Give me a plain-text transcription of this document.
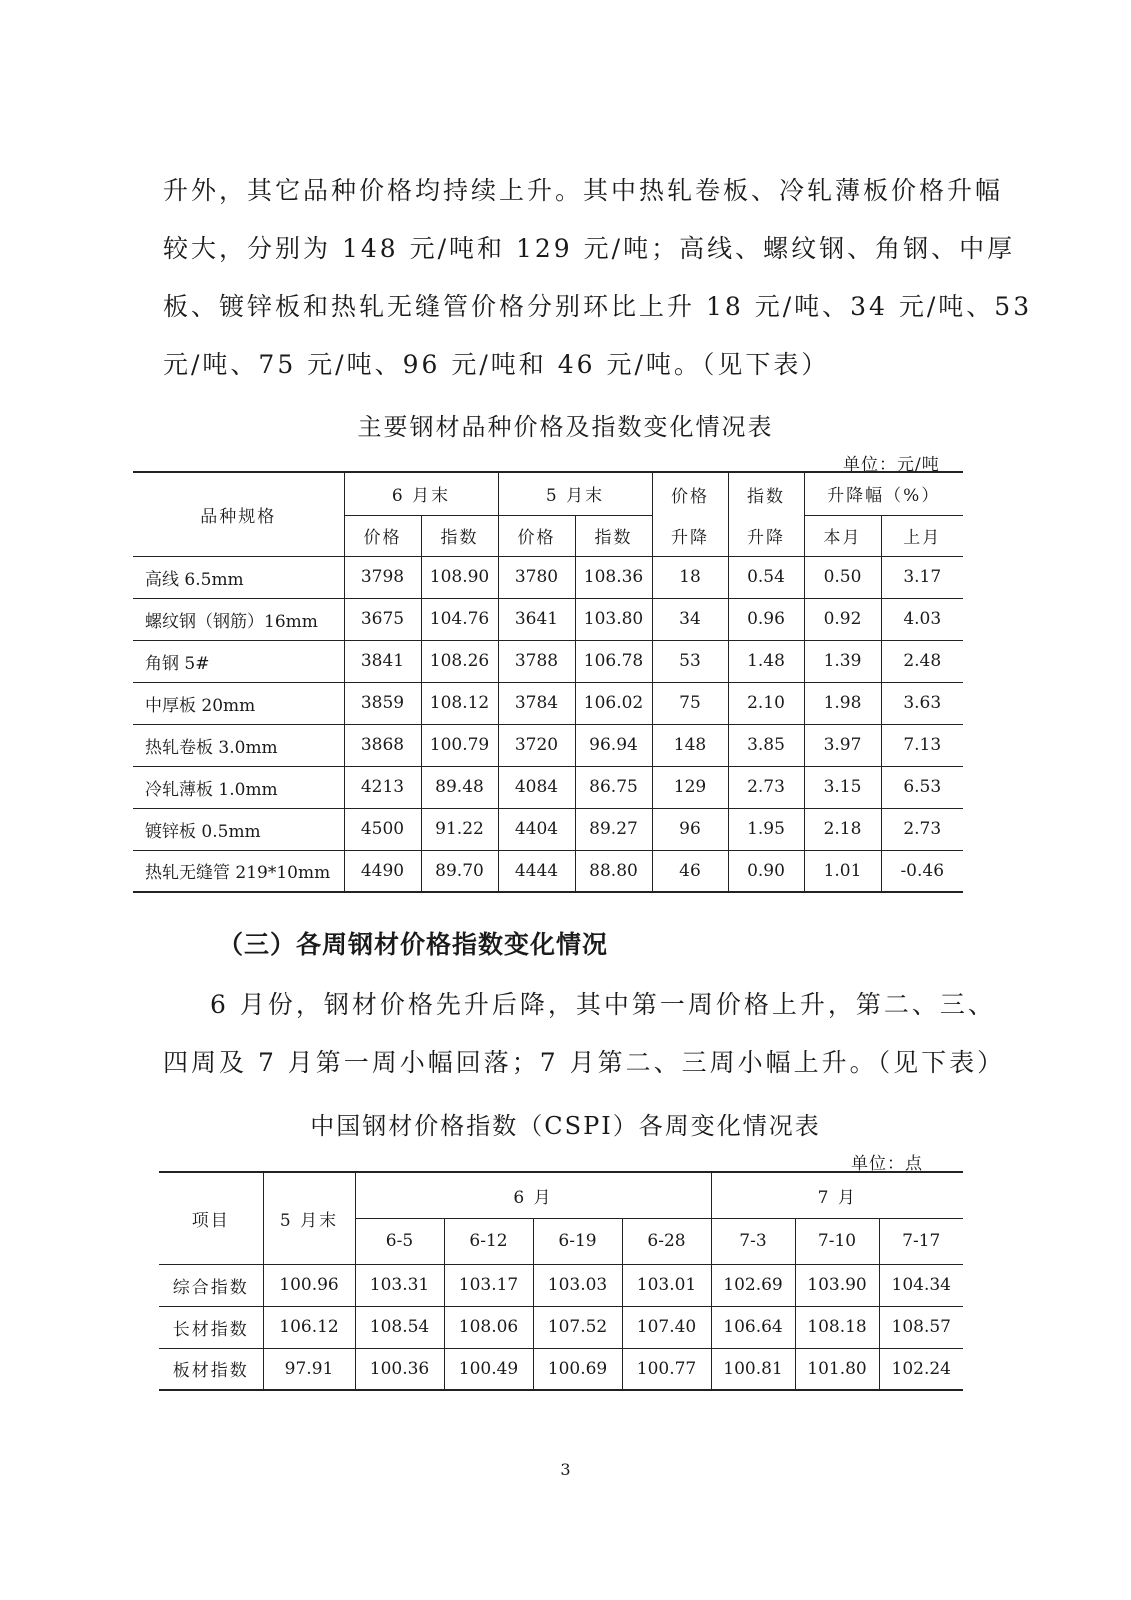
升外，其它品种价格均持续上升。其中热轧卷板、冷轧薄板价格升幅
较大，分别为 148 元/吨和 129 元/吨；高线、螺纹钢、角钢、中厚
板、镀锌板和热轧无缝管价格分别环比上升 18 元/吨、34 元/吨、53
元/吨、75 元/吨、96 元/吨和 46 元/吨。（见下表）

主要钢材品种价格及指数变化情况表

单位：元/吨

品种规格	6 月末		5 月末		价格	指数	升降幅（%）	
	价格	指数	价格	指数	升降	升降	本月	上月
高线 6.5mm	3798	108.90	3780	108.36	18	0.54	0.50	3.17
螺纹钢（钢筋）16mm	3675	104.76	3641	103.80	34	0.96	0.92	4.03
角钢 5#	3841	108.26	3788	106.78	53	1.48	1.39	2.48
中厚板 20mm	3859	108.12	3784	106.02	75	2.10	1.98	3.63
热轧卷板 3.0mm	3868	100.79	3720	96.94	148	3.85	3.97	7.13
冷轧薄板 1.0mm	4213	89.48	4084	86.75	129	2.73	3.15	6.53
镀锌板 0.5mm	4500	91.22	4404	89.27	96	1.95	2.18	2.73
热轧无缝管 219*10mm	4490	89.70	4444	88.80	46	0.90	1.01	-0.46

（三）各周钢材价格指数变化情况

6 月份，钢材价格先升后降，其中第一周价格上升，第二、三、
四周及 7 月第一周小幅回落；7 月第二、三周小幅上升。（见下表）

中国钢材价格指数（CSPI）各周变化情况表

单位：点

项目	5 月末	6 月				7 月		
		6-5	6-12	6-19	6-28	7-3	7-10	7-17
综合指数	100.96	103.31	103.17	103.03	103.01	102.69	103.90	104.34
长材指数	106.12	108.54	108.06	107.52	107.40	106.64	108.18	108.57
板材指数	97.91	100.36	100.49	100.69	100.77	100.81	101.80	102.24

3
